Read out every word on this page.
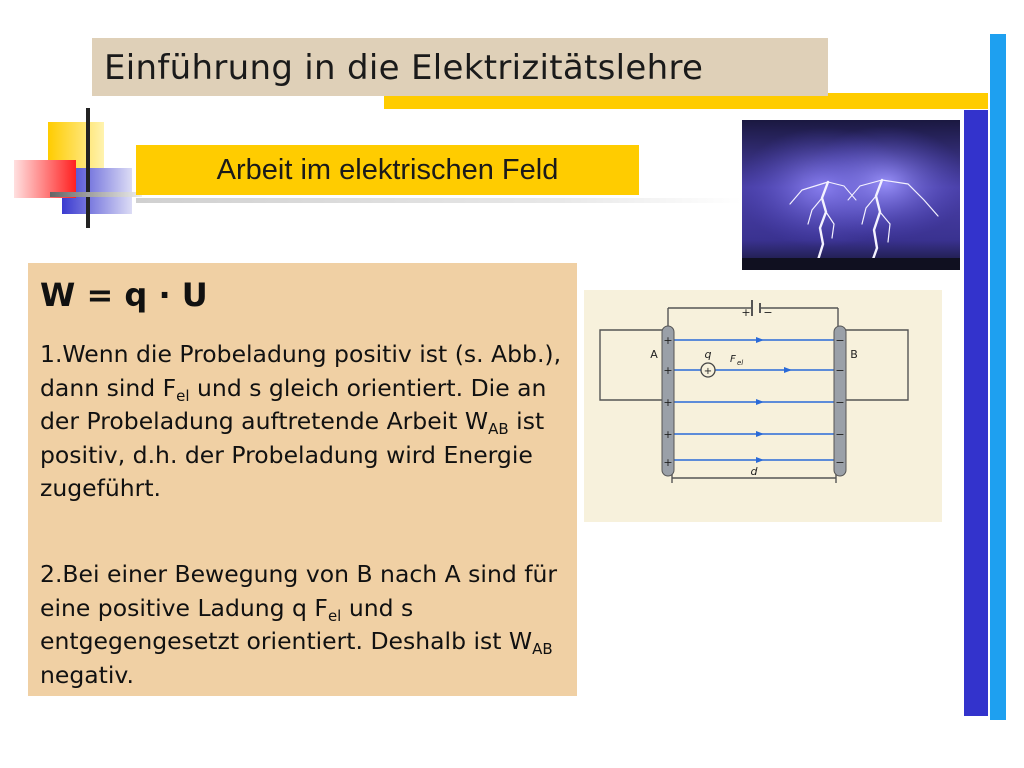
Einführung in die Elektrizitätslehre
Arbeit im elektrischen Feld
+
+
+
+
+
−
−
−
−
−
+ −
A	B
q
d
+
F el
W = q · U
1.Wenn die Probeladung positiv ist (s. Abb.), dann sind $F_{el}$ und s gleich orientiert. Die an der Probeladung auftretende Arbeit $W_{AB}$ ist positiv, d.h. der Probeladung wird Energie zugeführt.
2.Bei einer Bewegung von B nach A sind für eine positive Ladung q $F_{el}$ und s entgegengesetzt orientiert. Deshalb ist $W_{AB}$ negativ.
